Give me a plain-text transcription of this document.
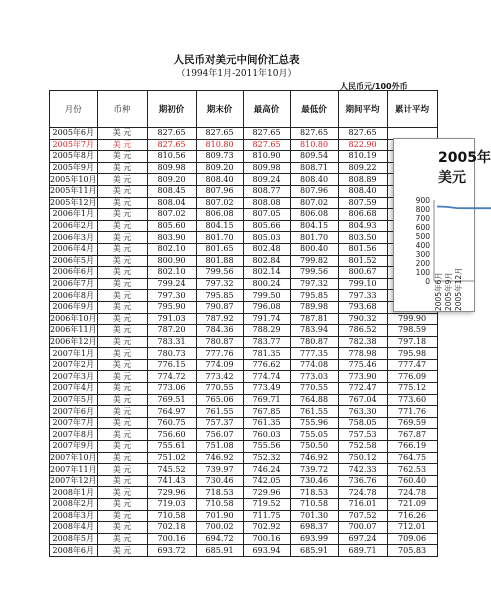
人民币对美元中间价汇总表
（1994年1月-2011年10月）
人民币元/100外币
月份	币种	期初价	期末价	最高价	最低价	期间平均	累计平均
2005年6月	美 元	827.65	827.65	827.65	827.65	827.65	
2005年7月	美 元	827.65	810.80	827.65	810.80	822.90	
2005年8月	美 元	810.56	809.73	810.90	809.54	810.19	
2005年9月	美 元	809.98	809.20	809.98	808.71	809.22	
2005年10月	美 元	809.20	808.40	809.24	808.40	808.89	
2005年11月	美 元	808.45	807.96	808.77	807.96	808.40	
2005年12月	美 元	808.04	807.02	808.08	807.02	807.59	
2006年1月	美 元	807.02	806.08	807.05	806.08	806.68	
2006年2月	美 元	805.60	804.15	805.66	804.15	804.93	
2006年3月	美 元	803.90	801.70	805.03	801.70	803.50	
2006年4月	美 元	802.10	801.65	802.48	800.40	801.56	
2006年5月	美 元	800.90	801.88	802.84	799.82	801.52	
2006年6月	美 元	802.10	799.56	802.14	799.56	800.67	
2006年7月	美 元	799.24	797.32	800.24	797.32	799.10	
2006年8月	美 元	797.30	795.85	799.50	795.85	797.33	
2006年9月	美 元	795.90	790.87	796.08	789.98	793.68	
2006年10月	美 元	791.03	787.92	791.74	787.81	790.32	799.90
2006年11月	美 元	787.20	784.36	788.29	783.94	786.52	798.59
2006年12月	美 元	783.31	780.87	783.77	780.87	782.38	797.18
2007年1月	美 元	780.73	777.76	781.35	777.35	778.98	795.98
2007年2月	美 元	776.15	774.09	776.62	774.08	775.46	777.47
2007年3月	美 元	774.72	773.42	774.74	773.03	773.90	776.09
2007年4月	美 元	773.06	770.55	773.49	770.55	772.47	775.12
2007年5月	美 元	769.51	765.06	769.71	764.88	767.04	773.60
2007年6月	美 元	764.97	761.55	767.85	761.55	763.30	771.76
2007年7月	美 元	760.75	757.37	761.35	755.96	758.05	769.59
2007年8月	美 元	756.60	756.07	760.03	755.05	757.53	767.87
2007年9月	美 元	755.61	751.08	755.56	750.50	752.58	766.19
2007年10月	美 元	751.02	746.92	752.32	746.92	750.12	764.75
2007年11月	美 元	745.52	739.97	746.24	739.72	742.33	762.53
2007年12月	美 元	741.43	730.46	742.05	730.46	736.76	760.40
2008年1月	美 元	729.96	718.53	729.96	718.53	724.78	724.78
2008年2月	美 元	719.03	710.58	719.52	710.58	716.01	721.09
2008年3月	美 元	710.58	701.90	711.75	701.30	707.52	716.26
2008年4月	美 元	702.18	700.02	702.92	698.37	700.07	712.01
2008年5月	美 元	700.16	694.72	700.16	693.99	697.24	709.06
2008年6月	美 元	693.72	685.91	693.94	685.91	689.71	705.83
2005年
美元
900
800
700
600
500
400
300
200
100
0 2005年6月 2005年9月 2005年12月
